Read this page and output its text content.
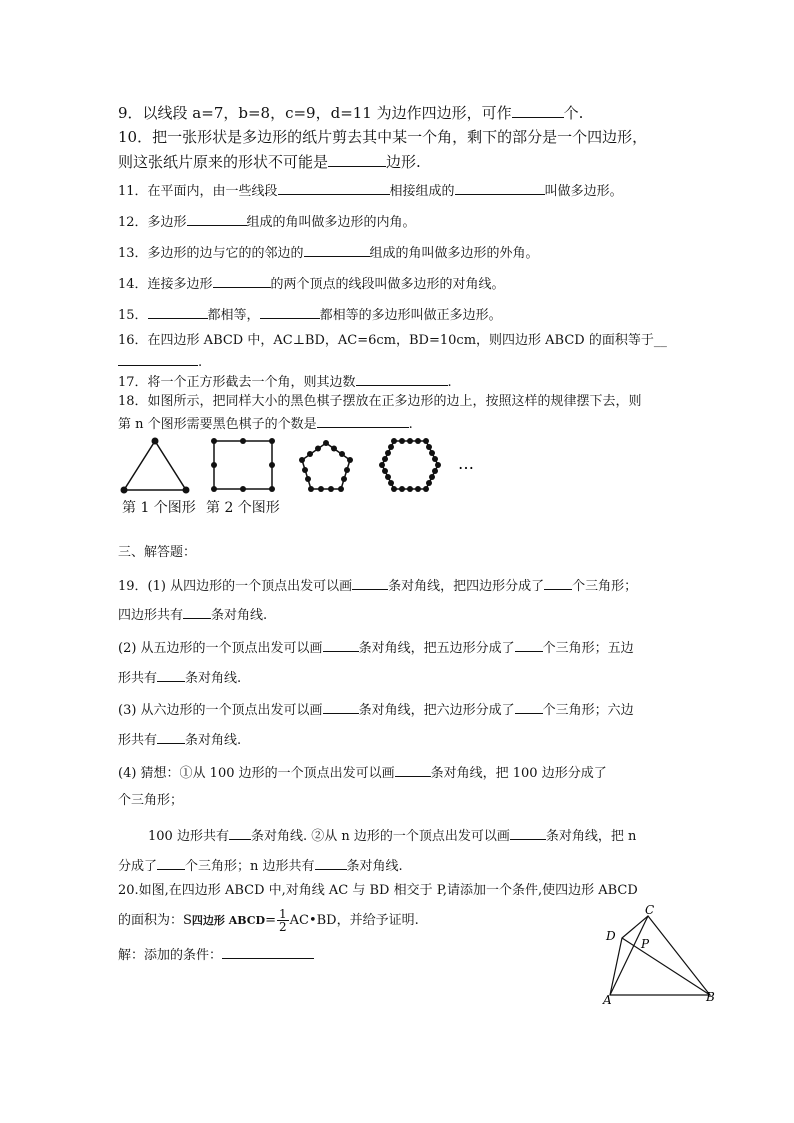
9．以线段 a=7，b=8，c=9，d=11 为边作四边形，可作	个.
10．把一张形状是多边形的纸片剪去其中某一个角，剩下的部分是一个四边形，
则这张纸片原来的形状不可能是	边形.
11．在平面内，由一些线段	相接组成的	叫做多边形。
12．多边形	组成的角叫做多边形的内角。
13．多边形的边与它的的邻边的	组成的角叫做多边形的外角。
14．连接多边形	的两个顶点的线段叫做多边形的对角线。
15．	都相等，	都相等的多边形叫做正多边形。
16．在四边形 ABCD 中，AC⊥BD，AC=6cm，BD=10cm，则四边形 ABCD 的面积等于__
.
17．将一个正方形截去一个角，则其边数	.
18．如图所示，把同样大小的黑色棋子摆放在正多边形的边上，按照这样的规律摆下去，则
第 n 个图形需要黑色棋子的个数是	.
…
第 1 个图形 第 2 个图形
三、解答题：
19．(1) 从四边形的一个顶点出发可以画	条对角线，把四边形分成了 个三角形；
四边形共有 条对角线.
(2) 从五边形的一个顶点出发可以画	条对角线，把五边形分成了 个三角形；五边
形共有 条对角线.
(3) 从六边形的一个顶点出发可以画	条对角线，把六边形分成了 个三角形；六边
形共有 条对角线.
(4) 猜想：①从 100 边形的一个顶点出发可以画	条对角线，把 100 边形分成了
个三角形；
100 边形共有 条对角线. ②从 n 边形的一个顶点出发可以画	条对角线，把 n
分成了 个三角形；n 边形共有 条对角线.
20.如图,在四边形 ABCD 中,对角线 AC 与 BD 相交于 P,请添加一个条件,使四边形 ABCD
的面积为：S四边形 ABCD= $\frac{1}{2}$ AC•BD，并给予证明.
解：添加的条件：
A	B
C
D
P
